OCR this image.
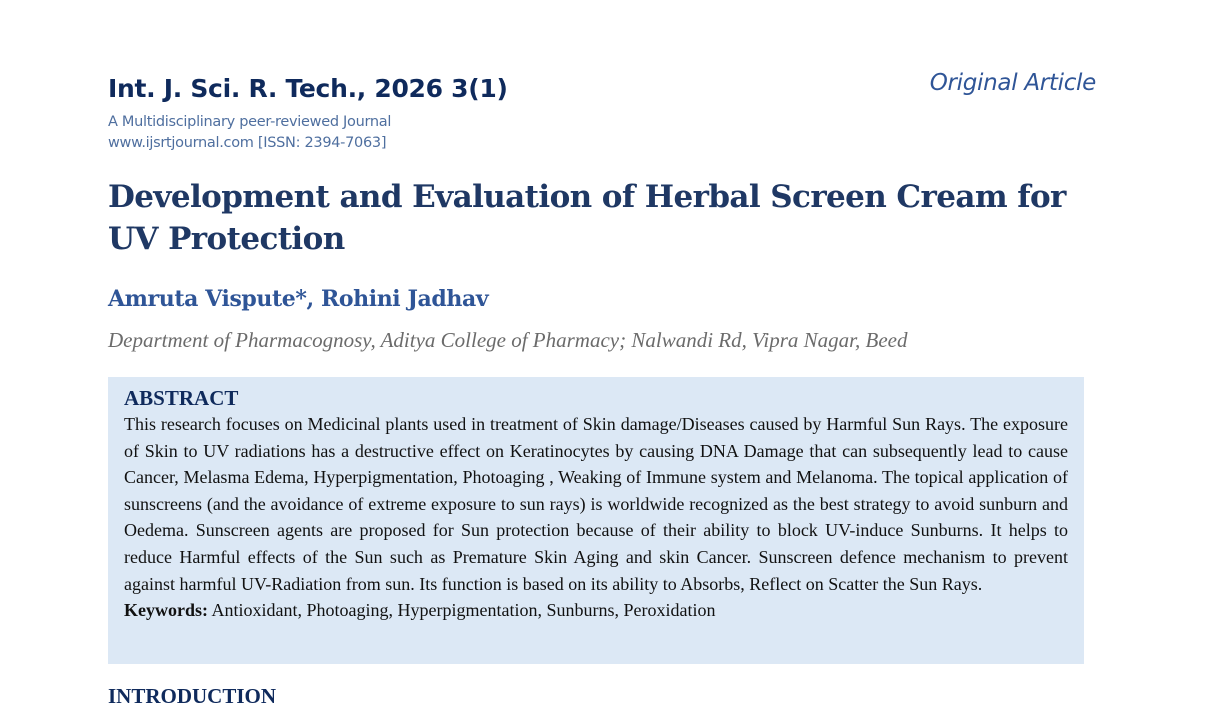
Int. J. Sci. R. Tech., 2026 3(1)
A Multidisciplinary peer-reviewed Journal
www.ijsrtjournal.com [ISSN: 2394-7063]
Original Article
Development and Evaluation of Herbal Screen Cream for UV Protection
Amruta Vispute*, Rohini Jadhav
Department of Pharmacognosy, Aditya College of Pharmacy; Nalwandi Rd, Vipra Nagar, Beed
ABSTRACT

This research focuses on Medicinal plants used in treatment of Skin damage/Diseases caused by Harmful Sun Rays. The exposure of Skin to UV radiations has a destructive effect on Keratinocytes by causing DNA Damage that can subsequently lead to cause Cancer, Melasma Edema, Hyperpigmentation, Photoaging , Weaking of Immune system and Melanoma. The topical application of sunscreens (and the avoidance of extreme exposure to sun rays) is worldwide recognized as the best strategy to avoid sunburn and Oedema. Sunscreen agents are proposed for Sun protection because of their ability to block UV-induce Sunburns. It helps to reduce Harmful effects of the Sun such as Premature Skin Aging and skin Cancer. Sunscreen defence mechanism to prevent against harmful UV-Radiation from sun. Its function is based on its ability to Absorbs, Reflect on Scatter the Sun Rays.

Keywords: Antioxidant, Photoaging, Hyperpigmentation, Sunburns, Peroxidation

INTRODUCTION
